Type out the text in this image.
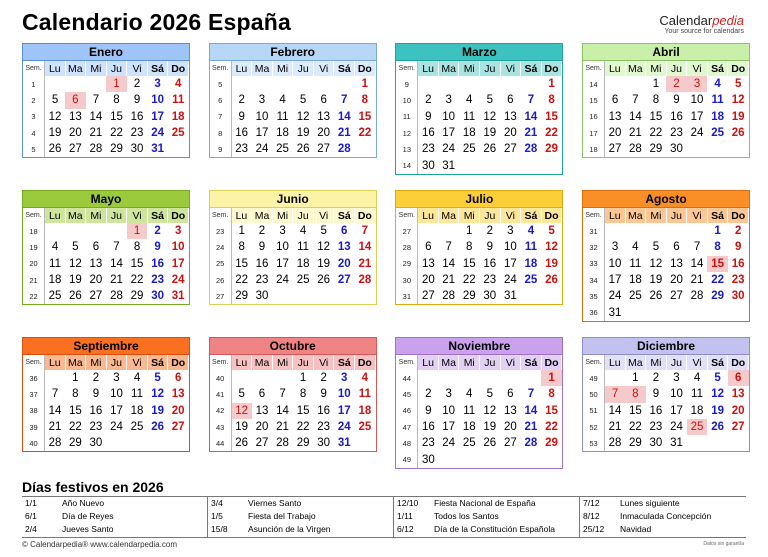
Calendario 2026 España	Calendarpedia
Your source for calendars
Enero
Sem.	Lu	Ma	Mi	Ju	Vi	Sá	Do
1				1	2	3	4
2	5	6	7	8	9	10	11
3	12	13	14	15	16	17	18
4	19	20	21	22	23	24	25
5	26	27	28	29	30	31	
Febrero
Sem.	Lu	Ma	Mi	Ju	Vi	Sá	Do
5							1
6	2	3	4	5	6	7	8
7	9	10	11	12	13	14	15
8	16	17	18	19	20	21	22
9	23	24	25	26	27	28	
Marzo
Sem.	Lu	Ma	Mi	Ju	Vi	Sá	Do
9							1
10	2	3	4	5	6	7	8
11	9	10	11	12	13	14	15
12	16	17	18	19	20	21	22
13	23	24	25	26	27	28	29
14	30	31					
Abril
Sem.	Lu	Ma	Mi	Ju	Vi	Sá	Do
14			1	2	3	4	5
15	6	7	8	9	10	11	12
16	13	14	15	16	17	18	19
17	20	21	22	23	24	25	26
18	27	28	29	30			
Mayo
Sem.	Lu	Ma	Mi	Ju	Vi	Sá	Do
18					1	2	3
19	4	5	6	7	8	9	10
20	11	12	13	14	15	16	17
21	18	19	20	21	22	23	24
22	25	26	27	28	29	30	31
Junio
Sem.	Lu	Ma	Mi	Ju	Vi	Sá	Do
23	1	2	3	4	5	6	7
24	8	9	10	11	12	13	14
25	15	16	17	18	19	20	21
26	22	23	24	25	26	27	28
27	29	30					
Julio
Sem.	Lu	Ma	Mi	Ju	Vi	Sá	Do
27			1	2	3	4	5
28	6	7	8	9	10	11	12
29	13	14	15	16	17	18	19
30	20	21	22	23	24	25	26
31	27	28	29	30	31		
Agosto
Sem.	Lu	Ma	Mi	Ju	Vi	Sá	Do
31						1	2
32	3	4	5	6	7	8	9
33	10	11	12	13	14	15	16
34	17	18	19	20	21	22	23
35	24	25	26	27	28	29	30
36	31						
Septiembre
Sem.	Lu	Ma	Mi	Ju	Vi	Sá	Do
36		1	2	3	4	5	6
37	7	8	9	10	11	12	13
38	14	15	16	17	18	19	20
39	21	22	23	24	25	26	27
40	28	29	30				
Octubre
Sem.	Lu	Ma	Mi	Ju	Vi	Sá	Do
40				1	2	3	4
41	5	6	7	8	9	10	11
42	12	13	14	15	16	17	18
43	19	20	21	22	23	24	25
44	26	27	28	29	30	31	
Noviembre
Sem.	Lu	Ma	Mi	Ju	Vi	Sá	Do
44							1
45	2	3	4	5	6	7	8
46	9	10	11	12	13	14	15
47	16	17	18	19	20	21	22
48	23	24	25	26	27	28	29
49	30						
Diciembre
Sem.	Lu	Ma	Mi	Ju	Vi	Sá	Do
49		1	2	3	4	5	6
50	7	8	9	10	11	12	13
51	14	15	16	17	18	19	20
52	21	22	23	24	25	26	27
53	28	29	30	31			
Días festivos en 2026
1/1	Año Nuevo
6/1	Día de Reyes
2/4	Jueves Santo
3/4	Viernes Santo
1/5	Fiesta del Trabajo
15/8 Asunción de la Virgen
12/10 Fiesta Nacional de España
1/11 Todos los Santos
6/12 Día de la Constitución Española
7/12 Lunes siguiente
8/12 Inmaculada Concepción
25/12 Navidad
© Calendarpedia® www.calendarpedia.com	Datos sin garantía
